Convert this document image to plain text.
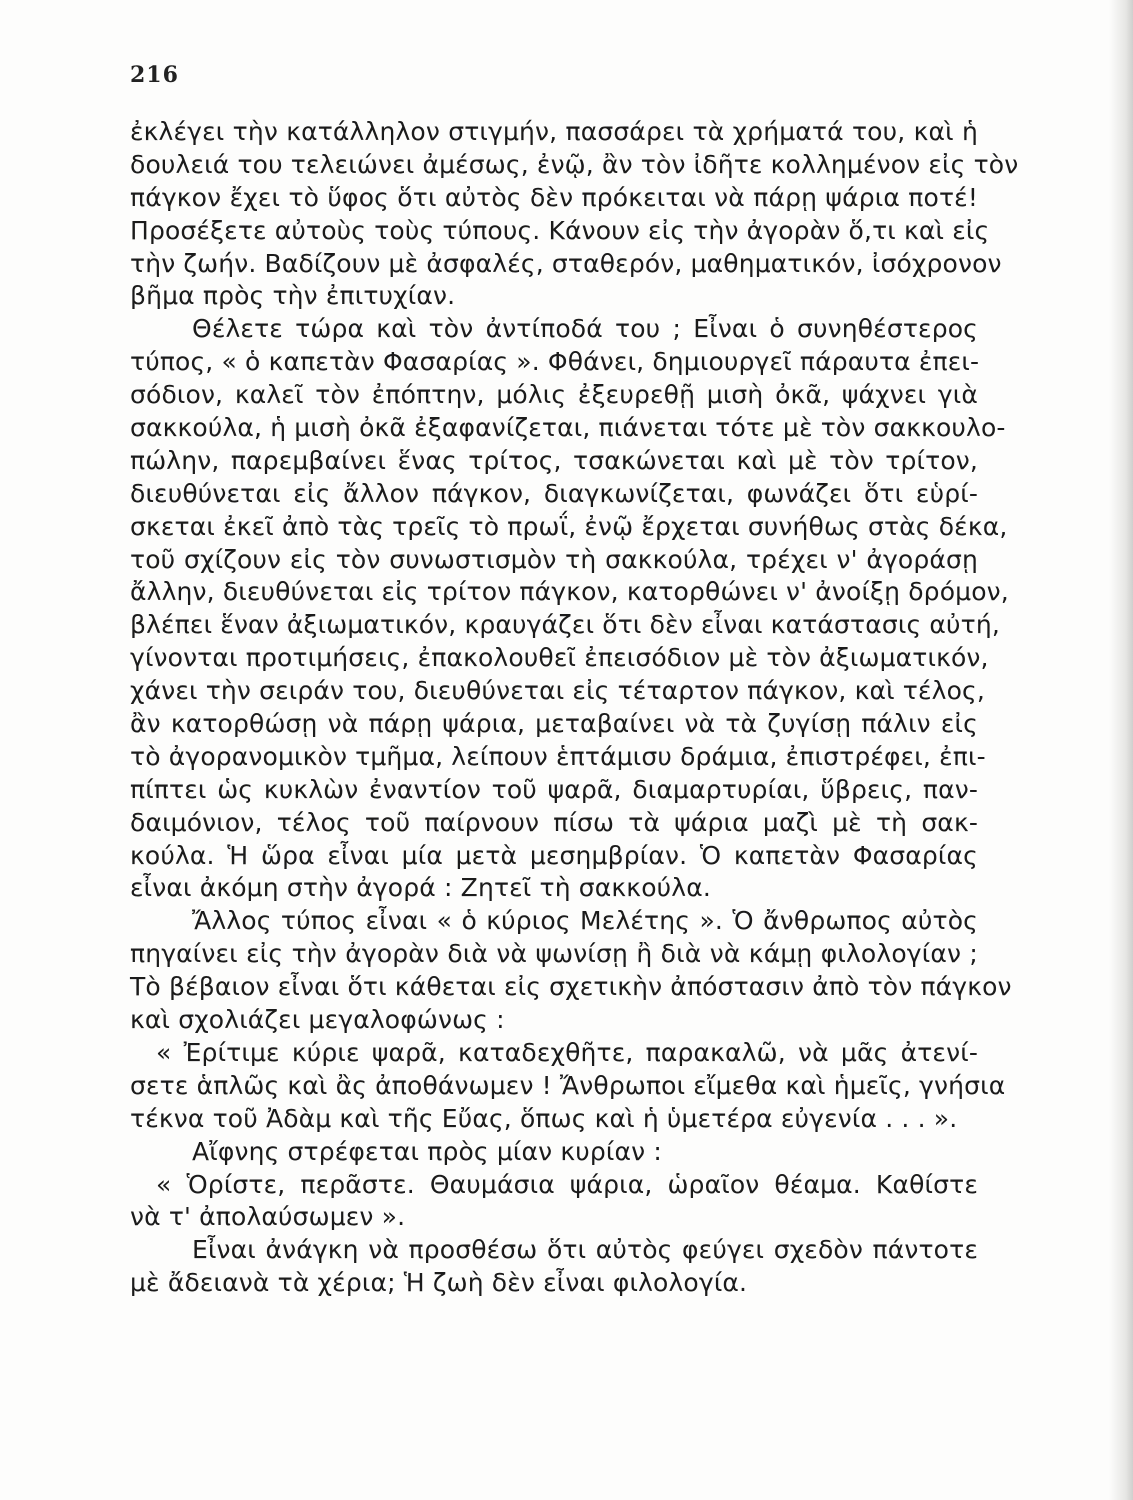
216
ἐκλέγει τὴν κατάλληλον στιγμήν, πασσάρει τὰ χρήματά του, καὶ ἡ
δουλειά του τελειώνει ἀμέσως, ἐνῷ, ἂν τὸν ἰδῆτε κολλημένον εἰς τὸν
πάγκον ἔχει τὸ ὕφος ὅτι αὐτὸς δὲν πρόκειται νὰ πάρῃ ψάρια ποτέ!
Προσέξετε αὐτοὺς τοὺς τύπους. Κάνουν εἰς τὴν ἀγορὰν ὅ,τι καὶ εἰς
τὴν ζωήν. Βαδίζουν μὲ ἀσφαλές, σταθερόν, μαθηματικόν, ἰσόχρονον
βῆμα πρὸς τὴν ἐπιτυχίαν.
Θέλετε τώρα καὶ τὸν ἀντίποδά του ; Εἶναι ὁ συνηθέστερος
τύπος, « ὁ καπετὰν Φασαρίας ». Φθάνει, δημιουργεῖ πάραυτα ἐπει-
σόδιον, καλεῖ τὸν ἐπόπτην, μόλις ἐξευρεθῇ μισὴ ὀκᾶ, ψάχνει γιὰ
σακκούλα, ἡ μισὴ ὀκᾶ ἐξαφανίζεται, πιάνεται τότε μὲ τὸν σακκουλο-
πώλην, παρεμβαίνει ἕνας τρίτος, τσακώνεται καὶ μὲ τὸν τρίτον,
διευθύνεται εἰς ἄλλον πάγκον, διαγκωνίζεται, φωνάζει ὅτι εὑρί-
σκεται ἐκεῖ ἀπὸ τὰς τρεῖς τὸ πρωΐ, ἐνῷ ἔρχεται συνήθως στὰς δέκα,
τοῦ σχίζουν εἰς τὸν συνωστισμὸν τὴ σακκούλα, τρέχει ν' ἀγοράσῃ
ἄλλην, διευθύνεται εἰς τρίτον πάγκον, κατορθώνει ν' ἀνοίξῃ δρόμον,
βλέπει ἕναν ἀξιωματικόν, κραυγάζει ὅτι δὲν εἶναι κατάστασις αὐτή,
γίνονται προτιμήσεις, ἐπακολουθεῖ ἐπεισόδιον μὲ τὸν ἀξιωματικόν,
χάνει τὴν σειράν του, διευθύνεται εἰς τέταρτον πάγκον, καὶ τέλος,
ἂν κατορθώσῃ νὰ πάρῃ ψάρια, μεταβαίνει νὰ τὰ ζυγίσῃ πάλιν εἰς
τὸ ἀγορανομικὸν τμῆμα, λείπουν ἑπτάμισυ δράμια, ἐπιστρέφει, ἐπι-
πίπτει ὡς κυκλὼν ἐναντίον τοῦ ψαρᾶ, διαμαρτυρίαι, ὕβρεις, παν-
δαιμόνιον, τέλος τοῦ παίρνουν πίσω τὰ ψάρια μαζὶ μὲ τὴ σακ-
κούλα. Ἡ ὥρα εἶναι μία μετὰ μεσημβρίαν. Ὁ καπετὰν Φασαρίας
εἶναι ἀκόμη στὴν ἀγορά : Ζητεῖ τὴ σακκούλα.
Ἄλλος τύπος εἶναι « ὁ κύριος Μελέτης ». Ὁ ἄνθρωπος αὐτὸς
πηγαίνει εἰς τὴν ἀγορὰν διὰ νὰ ψωνίσῃ ἢ διὰ νὰ κάμῃ φιλολογίαν ;
Τὸ βέβαιον εἶναι ὅτι κάθεται εἰς σχετικὴν ἀπόστασιν ἀπὸ τὸν πάγκον
καὶ σχολιάζει μεγαλοφώνως :
« Ἐρίτιμε κύριε ψαρᾶ, καταδεχθῆτε, παρακαλῶ, νὰ μᾶς ἀτενί-
σετε ἁπλῶς καὶ ἂς ἀποθάνωμεν ! Ἄνθρωποι εἴμεθα καὶ ἡμεῖς, γνήσια
τέκνα τοῦ Ἀδὰμ καὶ τῆς Εὔας, ὅπως καὶ ἡ ὑμετέρα εὐγενία . . . ».
Αἴφνης στρέφεται πρὸς μίαν κυρίαν :
« Ὁρίστε, περᾶστε. Θαυμάσια ψάρια, ὡραῖον θέαμα. Καθίστε
νὰ τ' ἀπολαύσωμεν ».
Εἶναι ἀνάγκη νὰ προσθέσω ὅτι αὐτὸς φεύγει σχεδὸν πάντοτε
μὲ ἄδειανὰ τὰ χέρια; Ἡ ζωὴ δὲν εἶναι φιλολογία.
